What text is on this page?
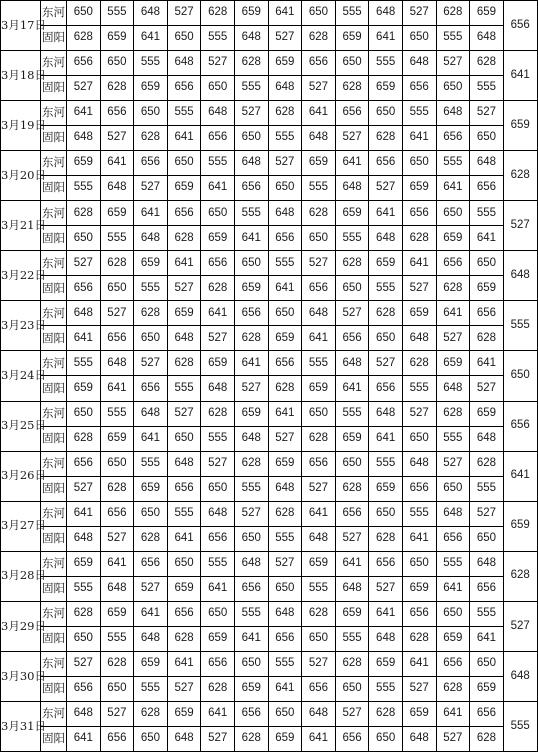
3月17日	东河	650	555	648	527	628	659	641	650	555	648	527	628	659	656
	固阳	628	659	641	650	555	648	527	628	659	641	650	555	648	
3月18日	东河	656	650	555	648	527	628	659	656	650	555	648	527	628	641
	固阳	527	628	659	656	650	555	648	527	628	659	656	650	555	
3月19日	东河	641	656	650	555	648	527	628	641	656	650	555	648	527	659
	固阳	648	527	628	641	656	650	555	648	527	628	641	656	650	
3月20日	东河	659	641	656	650	555	648	527	659	641	656	650	555	648	628
	固阳	555	648	527	659	641	656	650	555	648	527	659	641	656	
3月21日	东河	628	659	641	656	650	555	648	628	659	641	656	650	555	527
	固阳	650	555	648	628	659	641	656	650	555	648	628	659	641	
3月22日	东河	527	628	659	641	656	650	555	527	628	659	641	656	650	648
	固阳	656	650	555	527	628	659	641	656	650	555	527	628	659	
3月23日	东河	648	527	628	659	641	656	650	648	527	628	659	641	656	555
	固阳	641	656	650	648	527	628	659	641	656	650	648	527	628	
3月24日	东河	555	648	527	628	659	641	656	555	648	527	628	659	641	650
	固阳	659	641	656	555	648	527	628	659	641	656	555	648	527	
3月25日	东河	650	555	648	527	628	659	641	650	555	648	527	628	659	656
	固阳	628	659	641	650	555	648	527	628	659	641	650	555	648	
3月26日	东河	656	650	555	648	527	628	659	656	650	555	648	527	628	641
	固阳	527	628	659	656	650	555	648	527	628	659	656	650	555	
3月27日	东河	641	656	650	555	648	527	628	641	656	650	555	648	527	659
	固阳	648	527	628	641	656	650	555	648	527	628	641	656	650	
3月28日	东河	659	641	656	650	555	648	527	659	641	656	650	555	648	628
	固阳	555	648	527	659	641	656	650	555	648	527	659	641	656	
3月29日	东河	628	659	641	656	650	555	648	628	659	641	656	650	555	527
	固阳	650	555	648	628	659	641	656	650	555	648	628	659	641	
3月30日	东河	527	628	659	641	656	650	555	527	628	659	641	656	650	648
	固阳	656	650	555	527	628	659	641	656	650	555	527	628	659	
3月31日	东河	648	527	628	659	641	656	650	648	527	628	659	641	656	555
	固阳	641	656	650	648	527	628	659	641	656	650	648	527	628	
